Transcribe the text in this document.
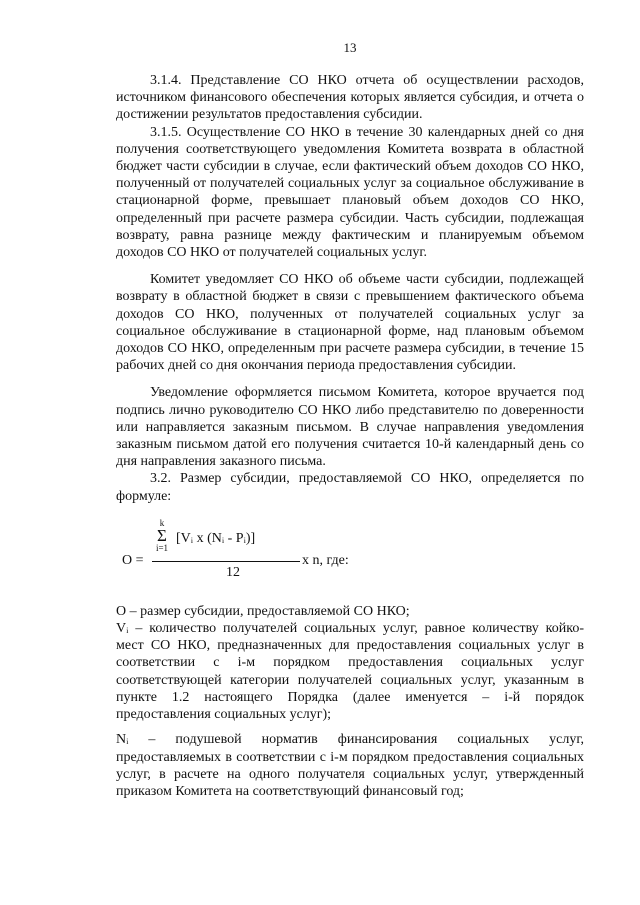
13

3.1.4. Представление СО НКО отчета об осуществлении расходов, источником финансового обеспечения которых является субсидия, и отчета о достижении результатов предоставления субсидии.

3.1.5. Осуществление СО НКО в течение 30 календарных дней со дня получения соответствующего уведомления Комитета возврата в областной бюджет части субсидии в случае, если фактический объем доходов СО НКО, полученный от получателей социальных услуг за социальное обслуживание в стационарной форме, превышает плановый объем доходов СО НКО, определенный при расчете размера субсидии. Часть субсидии, подлежащая возврату, равна разнице между фактическим и планируемым объемом доходов СО НКО от получателей социальных услуг.

Комитет уведомляет СО НКО об объеме части субсидии, подлежащей возврату в областной бюджет в связи с превышением фактического объема доходов СО НКО, полученных от получателей социальных услуг за социальное обслуживание в стационарной форме, над плановым объемом доходов СО НКО, определенным при расчете размера субсидии, в течение 15 рабочих дней со дня окончания периода предоставления субсидии.

Уведомление оформляется письмом Комитета, которое вручается под подпись лично руководителю СО НКО либо представителю по доверенности или направляется заказным письмом. В случае направления уведомления заказным письмом датой его получения считается 10-й календарный день со дня направления заказного письма.

3.2. Размер субсидии, предоставляемой СО НКО, определяется по формуле:

O =
k
Σ
i=1
[Vᵢ x (Nᵢ - Pᵢ)]
12
x n, где:

O – размер субсидии, предоставляемой СО НКО;

Vᵢ – количество получателей социальных услуг, равное количеству койко-мест СО НКО, предназначенных для предоставления социальных услуг в соответствии с i-м порядком предоставления социальных услуг соответствующей категории получателей социальных услуг, указанным в пункте 1.2 настоящего Порядка (далее именуется – i-й порядок предоставления социальных услуг);

Nᵢ – подушевой норматив финансирования социальных услуг, предоставляемых в соответствии с i-м порядком предоставления социальных услуг, в расчете на одного получателя социальных услуг, утвержденный приказом Комитета на соответствующий финансовый год;
